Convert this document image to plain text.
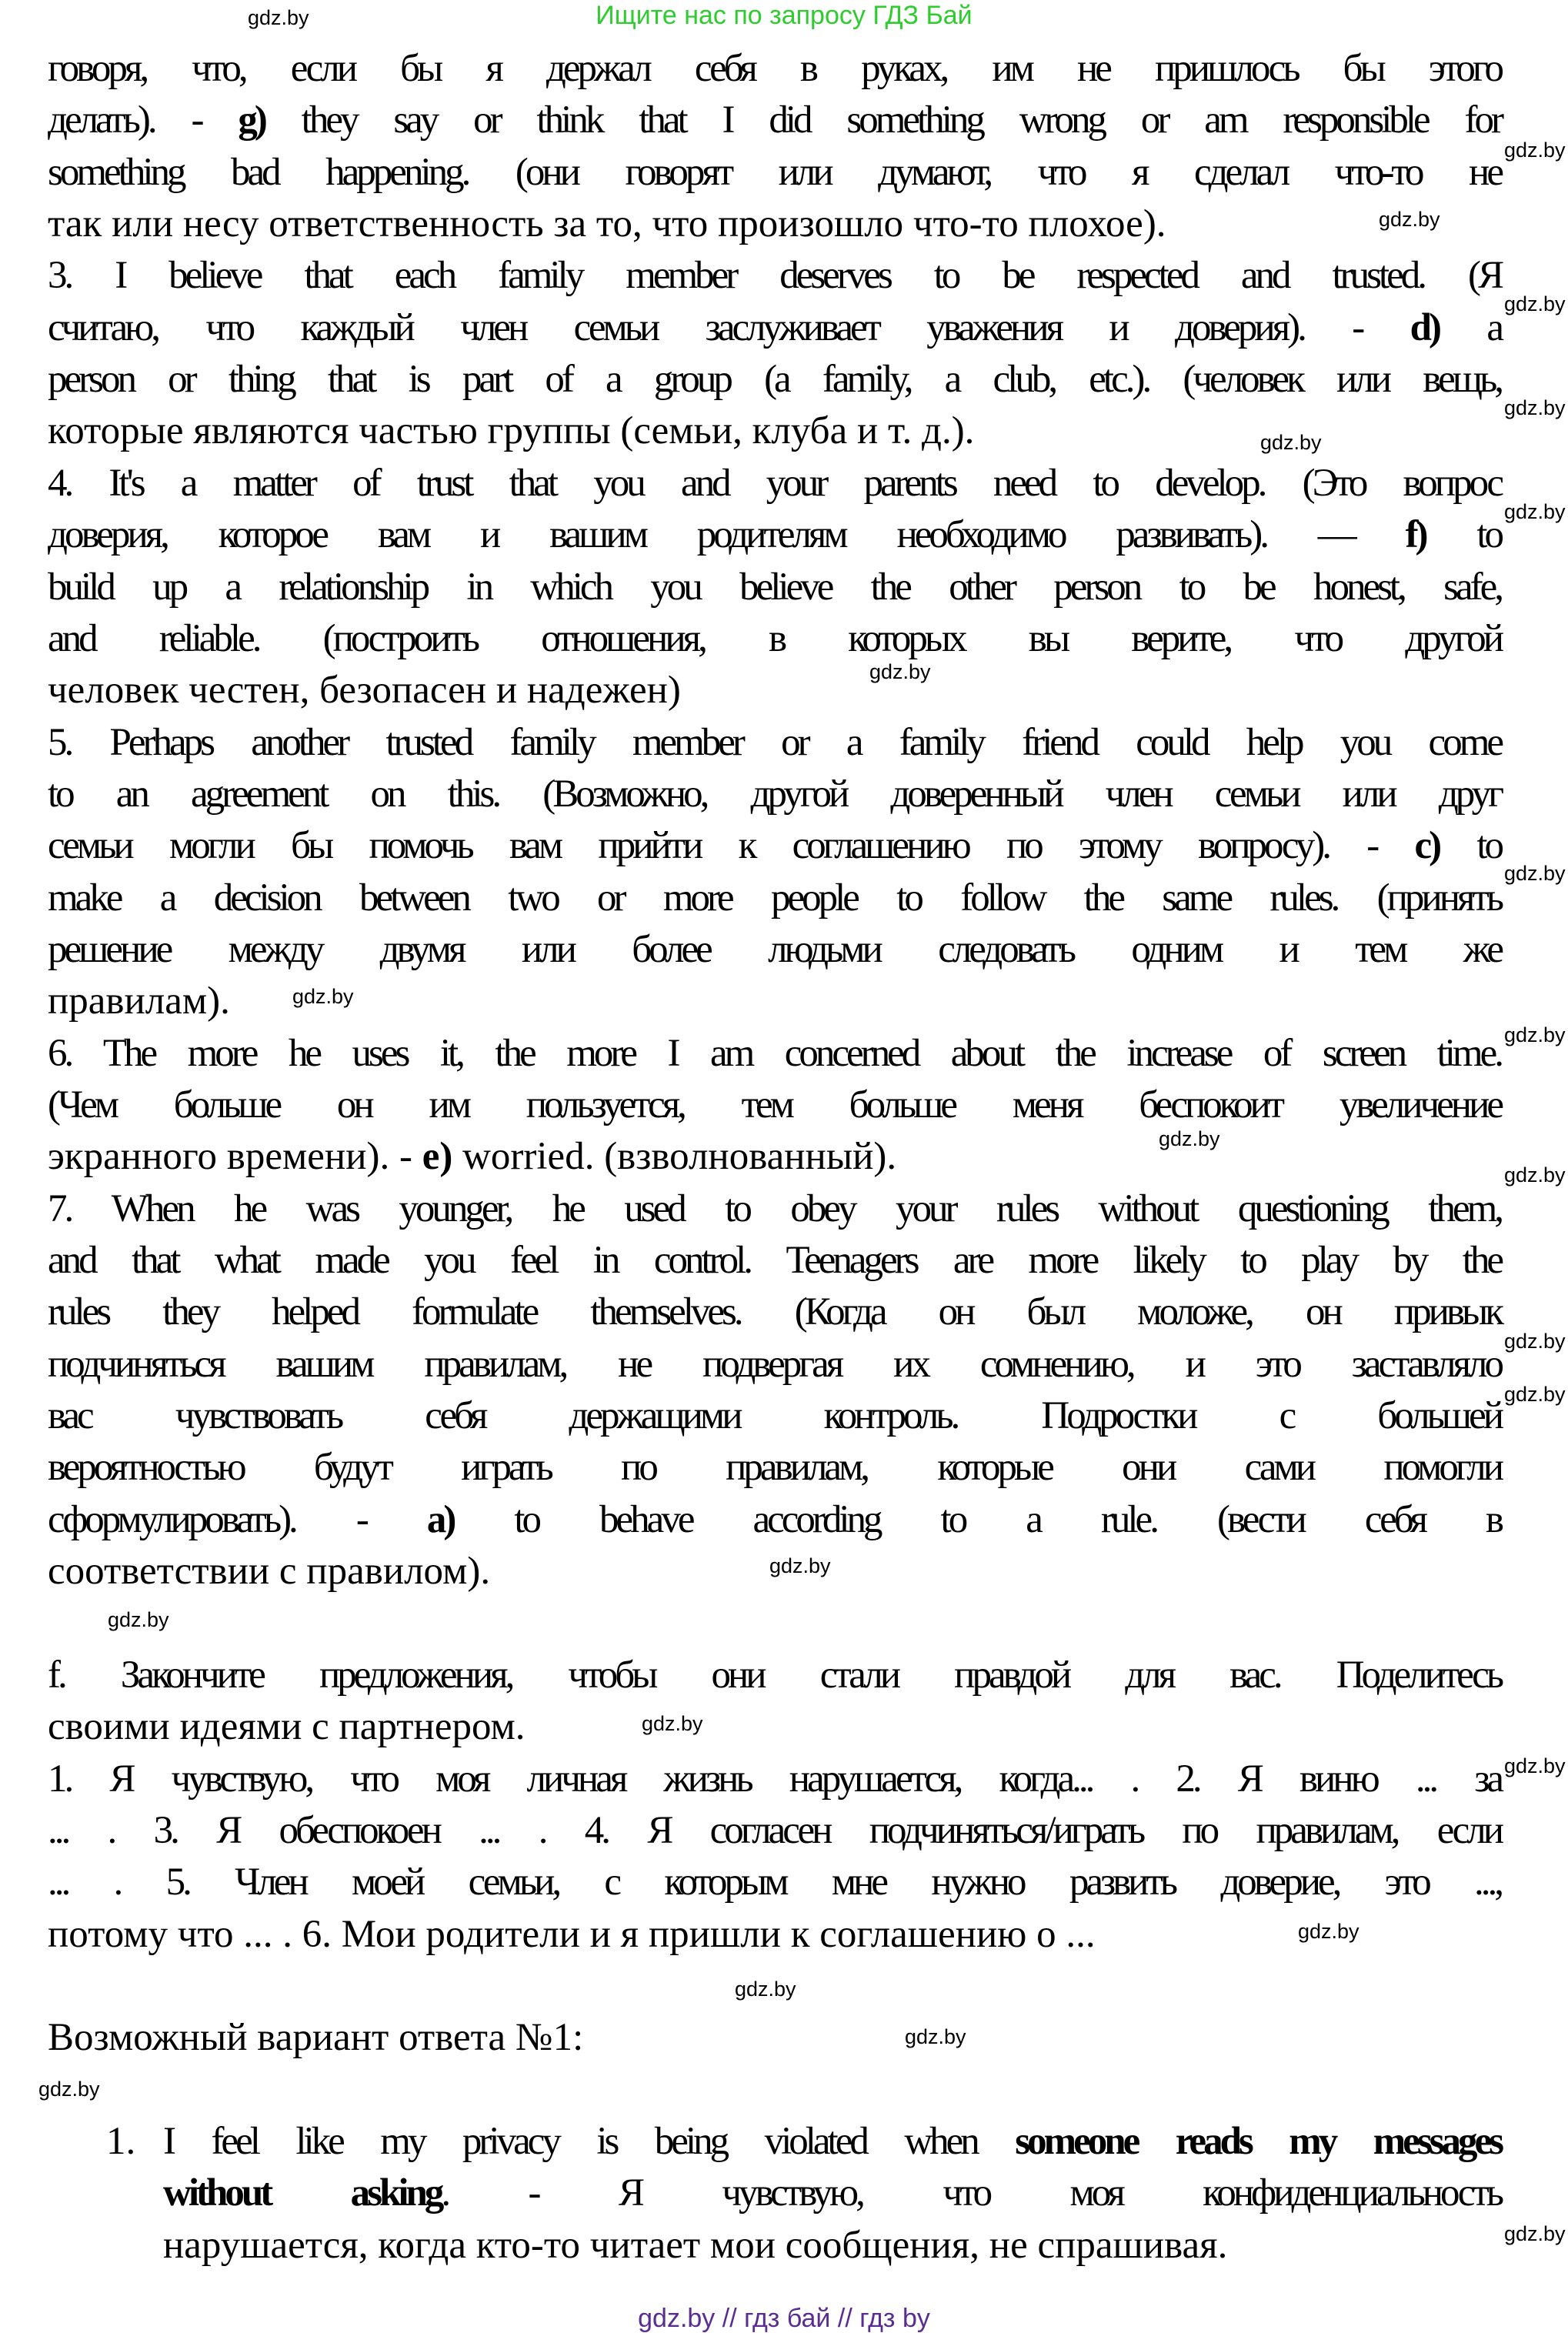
Ищите нас по запросу ГДЗ Бай
говоря, что, если бы я держал себя в руках, им не пришлось бы этого
делать). - g) they say or think that I did something wrong or am responsible for
something bad happening. (они говорят или думают, что я сделал что-то не
так или несу ответственность за то, что произошло что-то плохое).
3. I believe that each family member deserves to be respected and trusted. (Я
считаю, что каждый член семьи заслуживает уважения и доверия). - d) a
person or thing that is part of a group (a family, a club, etc.). (человек или вещь,
которые являются частью группы (семьи, клуба и т. д.).
4. It's a matter of trust that you and your parents need to develop. (Это вопрос
доверия, которое вам и вашим родителям необходимо развивать). — f) to
build up a relationship in which you believe the other person to be honest, safe,
and reliable. (построить отношения, в которых вы верите, что другой
человек честен, безопасен и надежен)
5. Perhaps another trusted family member or a family friend could help you come
to an agreement on this. (Возможно, другой доверенный член семьи или друг
семьи могли бы помочь вам прийти к соглашению по этому вопросу). - c) to
make a decision between two or more people to follow the same rules. (принять
решение между двумя или более людьми следовать одним и тем же
правилам).
6. The more he uses it, the more I am concerned about the increase of screen time.
(Чем больше он им пользуется, тем больше меня беспокоит увеличение
экранного времени). - e) worried. (взволнованный).
7. When he was younger, he used to obey your rules without questioning them,
and that what made you feel in control. Teenagers are more likely to play by the
rules they helped formulate themselves. (Когда он был моложе, он привык
подчиняться вашим правилам, не подвергая их сомнению, и это заставляло
вас чувствовать себя держащими контроль. Подростки с большей
вероятностью будут играть по правилам, которые они сами помогли
сформулировать). - a) to behave according to a rule. (вести себя в
соответствии с правилом).
f. Закончите предложения, чтобы они стали правдой для вас. Поделитесь
своими идеями с партнером.
1. Я чувствую, что моя личная жизнь нарушается, когда... . 2. Я виню ... за
... . 3. Я обеспокоен ... . 4. Я согласен подчиняться/играть по правилам, если
... . 5. Член моей семьи, с которым мне нужно развить доверие, это ...,
потому что ... . 6. Мои родители и я пришли к соглашению о ...
Возможный вариант ответа №1:
I feel like my privacy is being violated when someone reads my messages
without asking. - Я чувствую, что моя конфиденциальность
нарушается, когда кто-то читает мои сообщения, не спрашивая.
1.
gdz.by
gdz.by
gdz.by
gdz.by
gdz.by
gdz.by
gdz.by
gdz.by
gdz.by
gdz.by
gdz.by
gdz.by
gdz.by
gdz.by
gdz.by
gdz.by
gdz.by
gdz.by
gdz.by
gdz.by
gdz.by
gdz.by
gdz.by
gdz.by
gdz.by // гдз бай // гдз by
